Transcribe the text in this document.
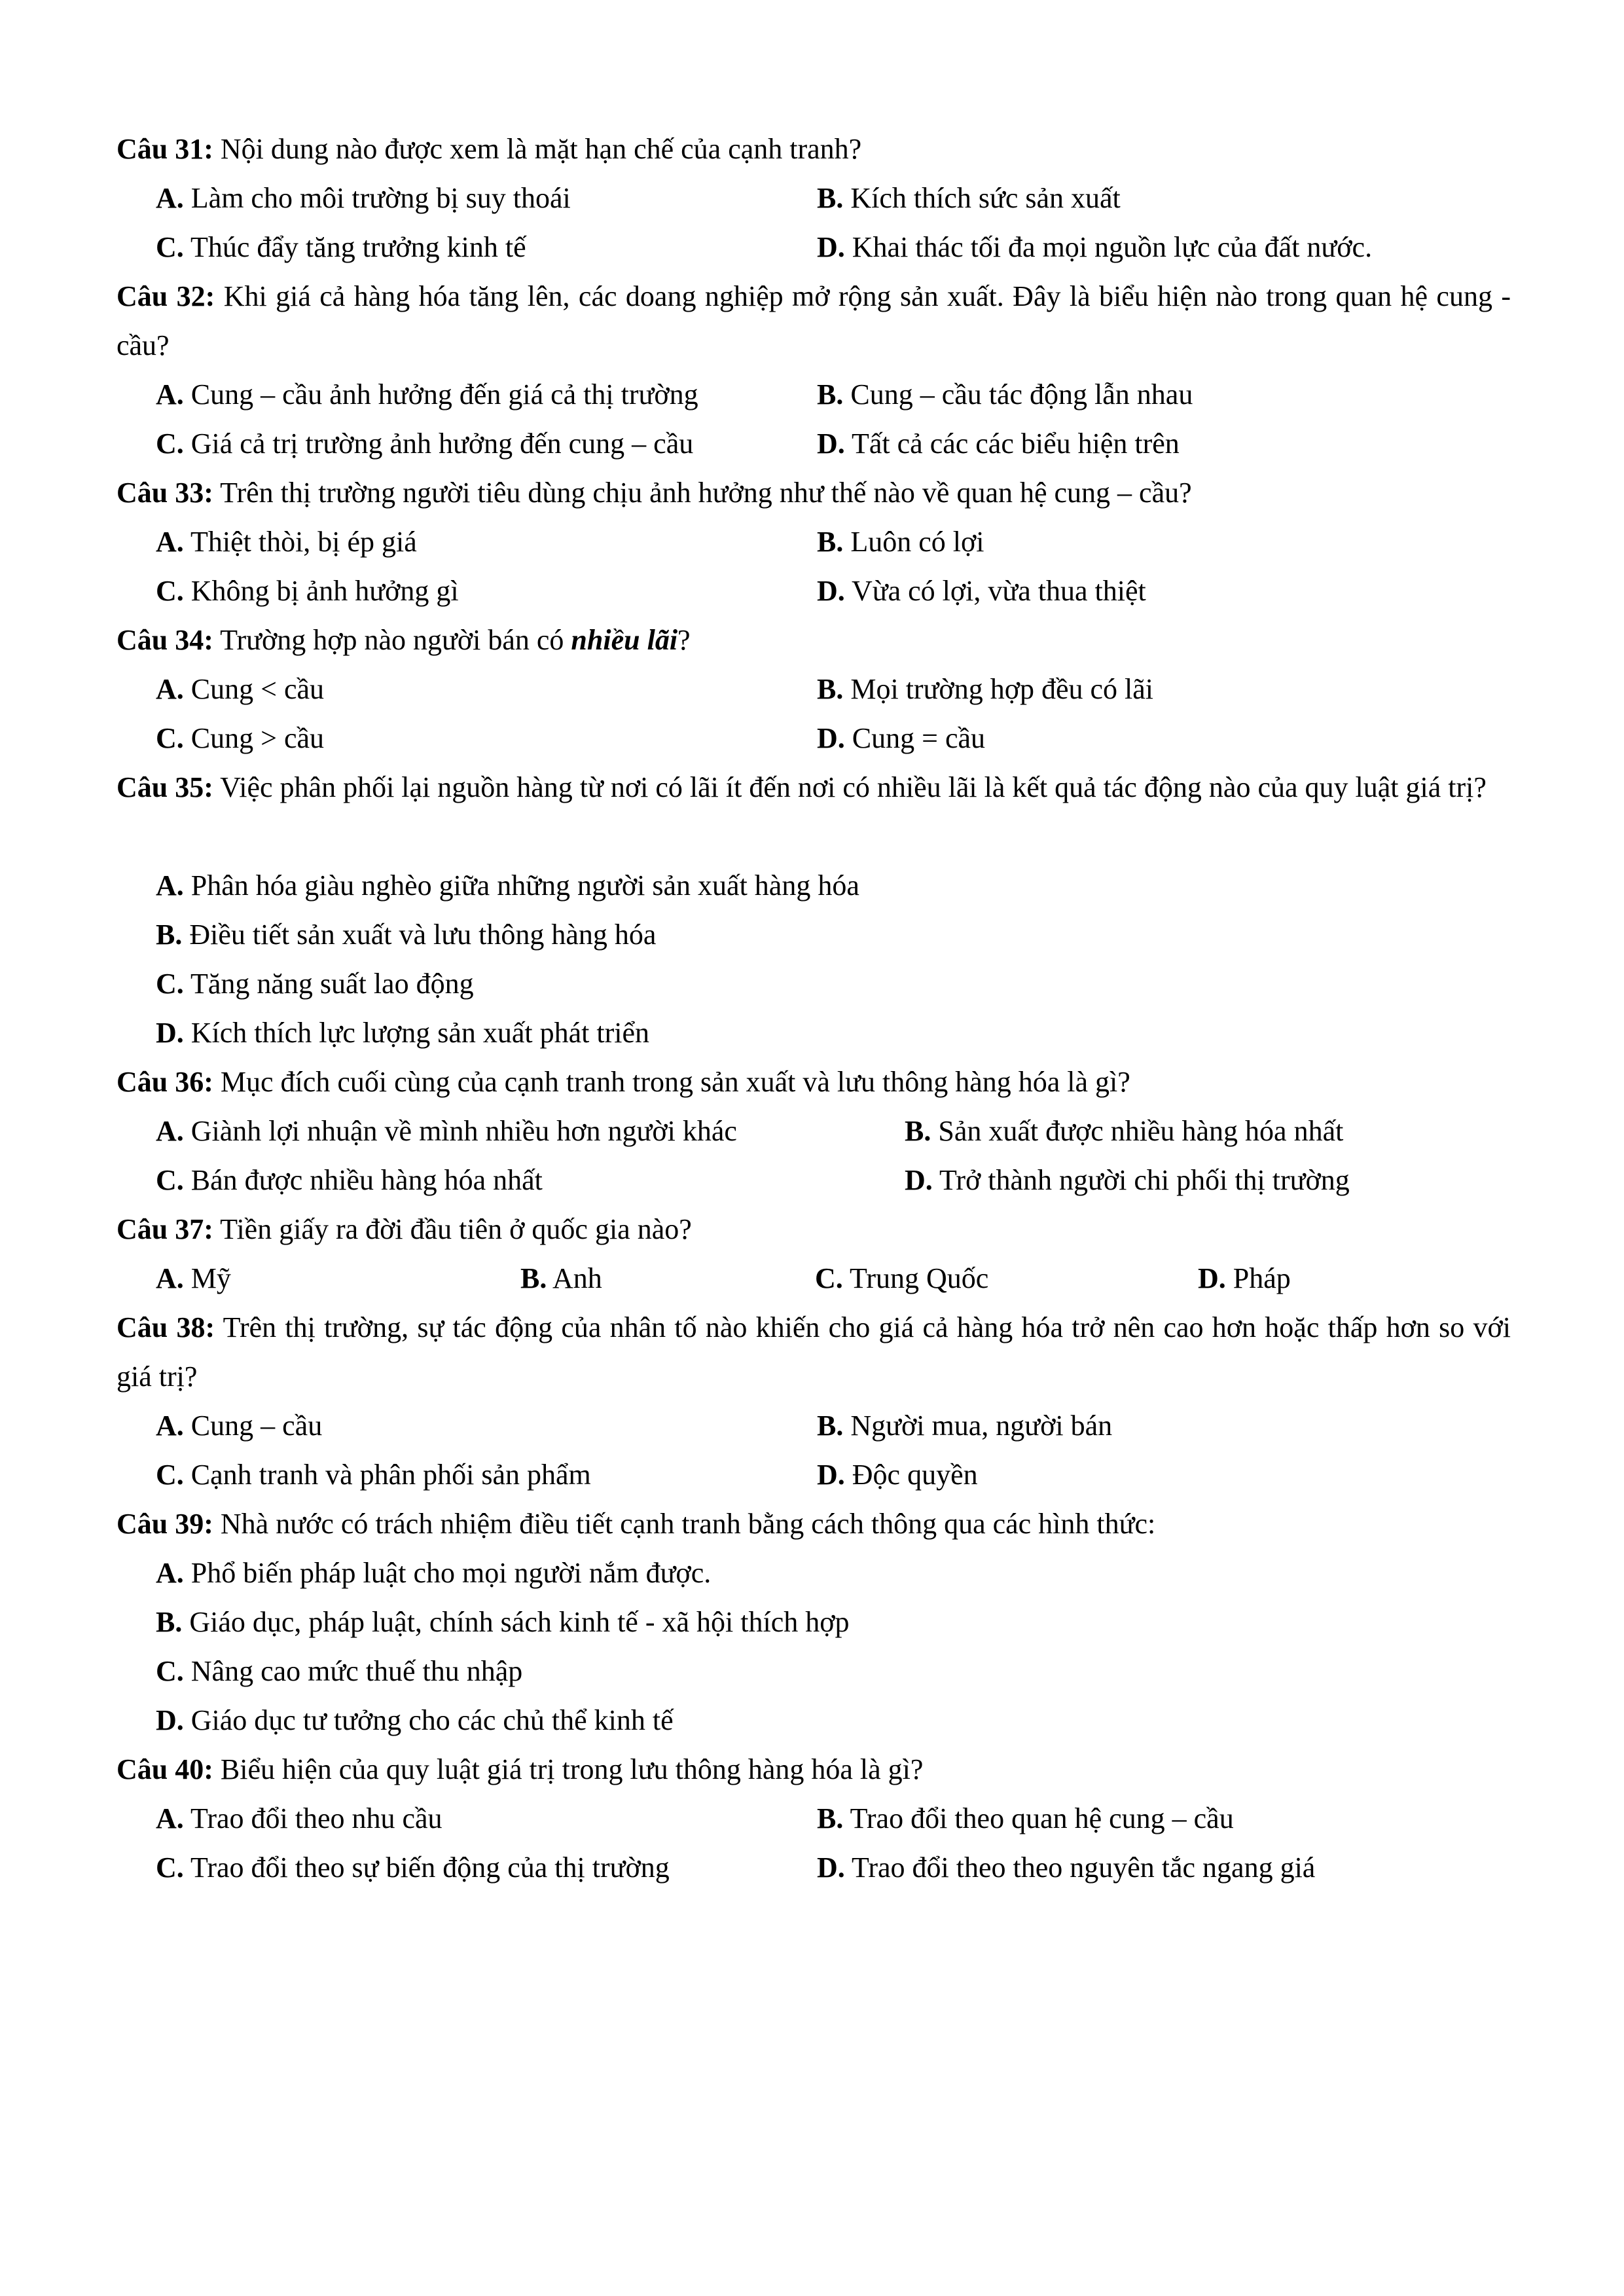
Câu 31: Nội dung nào được xem là mặt hạn chế của cạnh tranh?
A. Làm cho môi trường bị suy thoái	B. Kích thích sức sản xuất
C. Thúc đẩy tăng trưởng kinh tế	D. Khai thác tối đa mọi nguồn lực của đất nước.
Câu 32: Khi giá cả hàng hóa tăng lên, các doang nghiệp mở rộng sản xuất. Đây là biểu hiện nào trong quan hệ cung - cầu?
A. Cung – cầu ảnh hưởng đến giá cả thị trường	B. Cung – cầu tác động lẫn nhau
C. Giá cả trị trường ảnh hưởng đến cung – cầu	D. Tất cả các các biểu hiện trên
Câu 33: Trên thị trường người tiêu dùng chịu ảnh hưởng như thế nào về quan hệ cung – cầu?
A. Thiệt thòi, bị ép giá	B. Luôn có lợi
C. Không bị ảnh hưởng gì	D. Vừa có lợi, vừa thua thiệt
Câu 34: Trường hợp nào người bán có nhiều lãi?
A. Cung < cầu	B. Mọi trường hợp đều có lãi
C. Cung > cầu	D. Cung = cầu
Câu 35: Việc phân phối lại nguồn hàng từ nơi có lãi ít đến nơi có nhiều lãi là kết quả tác động nào của quy luật giá trị?
A. Phân hóa giàu nghèo giữa những người sản xuất hàng hóa
B. Điều tiết sản xuất và lưu thông hàng hóa
C. Tăng năng suất lao động
D. Kích thích lực lượng sản xuất phát triển
Câu 36: Mục đích cuối cùng của cạnh tranh trong sản xuất và lưu thông hàng hóa là gì?
A. Giành lợi nhuận về mình nhiều hơn người khác	B. Sản xuất được nhiều hàng hóa nhất
C. Bán được nhiều hàng hóa nhất	D. Trở thành người chi phối thị trường
Câu 37: Tiền giấy ra đời đầu tiên ở quốc gia nào?
A. Mỹ	B. Anh	C. Trung Quốc	D. Pháp
Câu 38: Trên thị trường, sự tác động của nhân tố nào khiến cho giá cả hàng hóa trở nên cao hơn hoặc thấp hơn so với giá trị?
A. Cung – cầu	B. Người mua, người bán
C. Cạnh tranh và phân phối sản phẩm	D. Độc quyền
Câu 39: Nhà nước có trách nhiệm điều tiết cạnh tranh bằng cách thông qua các hình thức:
A. Phổ biến pháp luật cho mọi người nắm được.
B. Giáo dục, pháp luật, chính sách kinh tế - xã hội thích hợp
C. Nâng cao mức thuế thu nhập
D. Giáo dục tư tưởng cho các chủ thể kinh tế
Câu 40: Biểu hiện của quy luật giá trị trong lưu thông hàng hóa là gì?
A. Trao đổi theo nhu cầu	B. Trao đổi theo quan hệ cung – cầu
C. Trao đổi theo sự biến động của thị trường	D. Trao đổi theo theo nguyên tắc ngang giá
